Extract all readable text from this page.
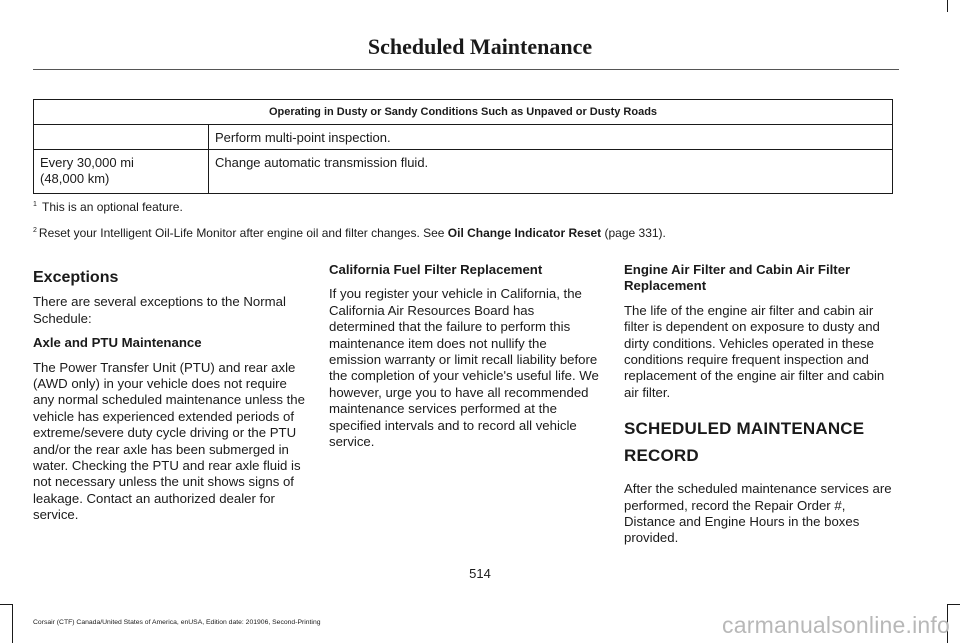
Scheduled Maintenance
Operating in Dusty or Sandy Conditions Such as Unpaved or Dusty Roads	
	Perform multi-point inspection.

Every 30,000 mi
(48,000 km)	Change automatic transmission fluid.
$^1$ This is an optional feature.
$^2$ Reset your Intelligent Oil-Life Monitor after engine oil and filter changes. See Oil Change Indicator Reset (page 331).
Exceptions

There are several exceptions to the Normal Schedule:

Axle and PTU Maintenance

The Power Transfer Unit (PTU) and rear axle (AWD only) in your vehicle does not require any normal scheduled maintenance unless the vehicle has experienced extended periods of extreme/severe duty cycle driving or the PTU and/or the rear axle has been submerged in water. Checking the PTU and rear axle fluid is not necessary unless the unit shows signs of leakage. Contact an authorized dealer for service.

California Fuel Filter Replacement

If you register your vehicle in California, the California Air Resources Board has determined that the failure to perform this maintenance item does not nullify the emission warranty or limit recall liability before the completion of your vehicle's useful life. We however, urge you to have all recommended maintenance services performed at the specified intervals and to record all vehicle service.

Engine Air Filter and Cabin Air Filter Replacement

The life of the engine air filter and cabin air filter is dependent on exposure to dusty and dirty conditions. Vehicles operated in these conditions require frequent inspection and replacement of the engine air filter and cabin air filter.

SCHEDULED MAINTENANCE
RECORD

After the scheduled maintenance services are performed, record the Repair Order #, Distance and Engine Hours in the boxes provided.

514
Corsair (CTF) Canada/United States of America, enUSA, Edition date: 201906, Second-Printing	carmanualsonline.info
